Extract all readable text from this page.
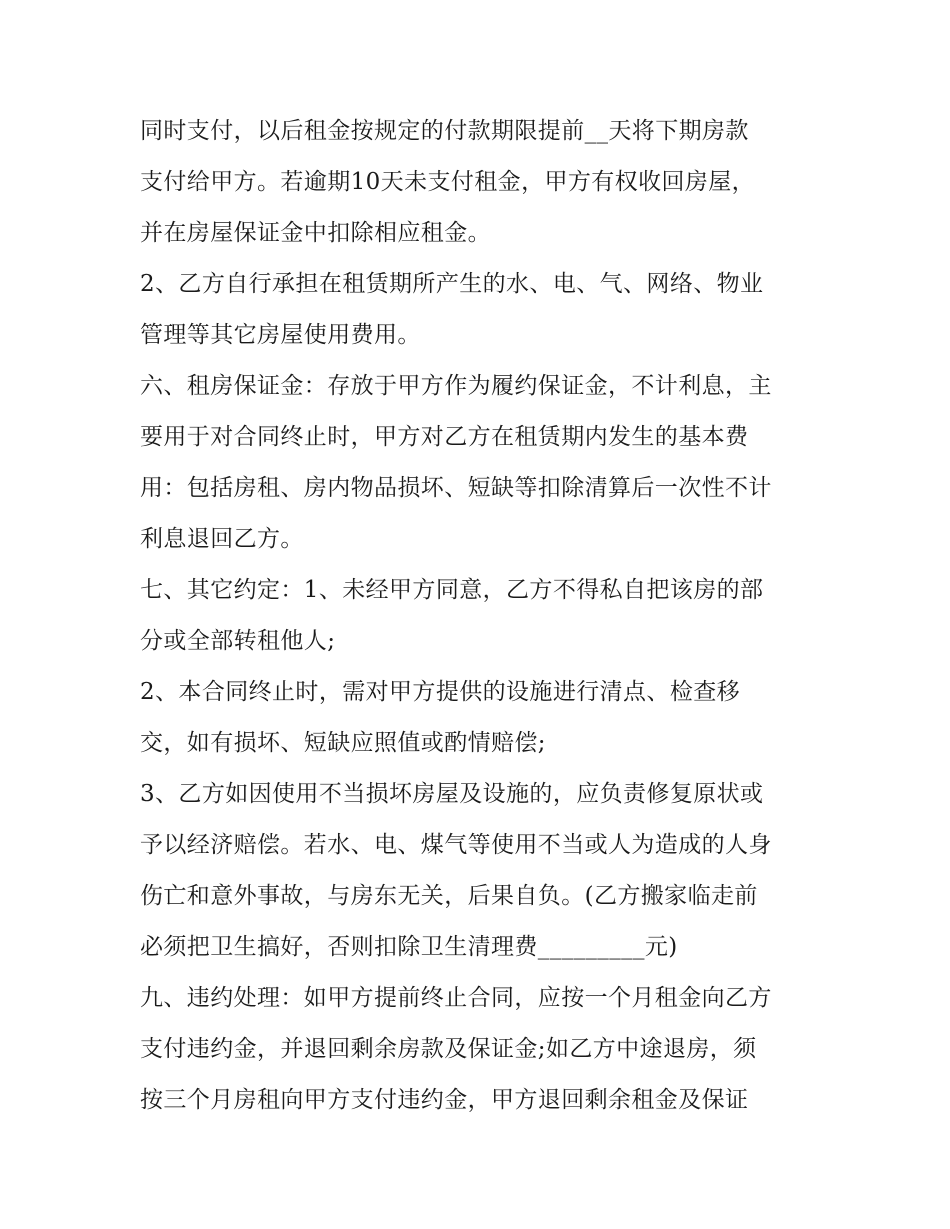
同时支付，以后租金按规定的付款期限提前__天将下期房款
支付给甲方。若逾期10天未支付租金，甲方有权收回房屋，
并在房屋保证金中扣除相应租金。
2、乙方自行承担在租赁期所产生的水、电、气、网络、物业
管理等其它房屋使用费用。
六、租房保证金：存放于甲方作为履约保证金，不计利息，主
要用于对合同终止时，甲方对乙方在租赁期内发生的基本费
用：包括房租、房内物品损坏、短缺等扣除清算后一次性不计
利息退回乙方。
七、其它约定：1、未经甲方同意，乙方不得私自把该房的部
分或全部转租他人;
2、本合同终止时，需对甲方提供的设施进行清点、检查移
交，如有损坏、短缺应照值或酌情赔偿;
3、乙方如因使用不当损坏房屋及设施的，应负责修复原状或
予以经济赔偿。若水、电、煤气等使用不当或人为造成的人身
伤亡和意外事故，与房东无关，后果自负。(乙方搬家临走前
必须把卫生搞好，否则扣除卫生清理费_________元)
九、违约处理：如甲方提前终止合同，应按一个月租金向乙方
支付违约金，并退回剩余房款及保证金;如乙方中途退房，须
按三个月房租向甲方支付违约金，甲方退回剩余租金及保证
